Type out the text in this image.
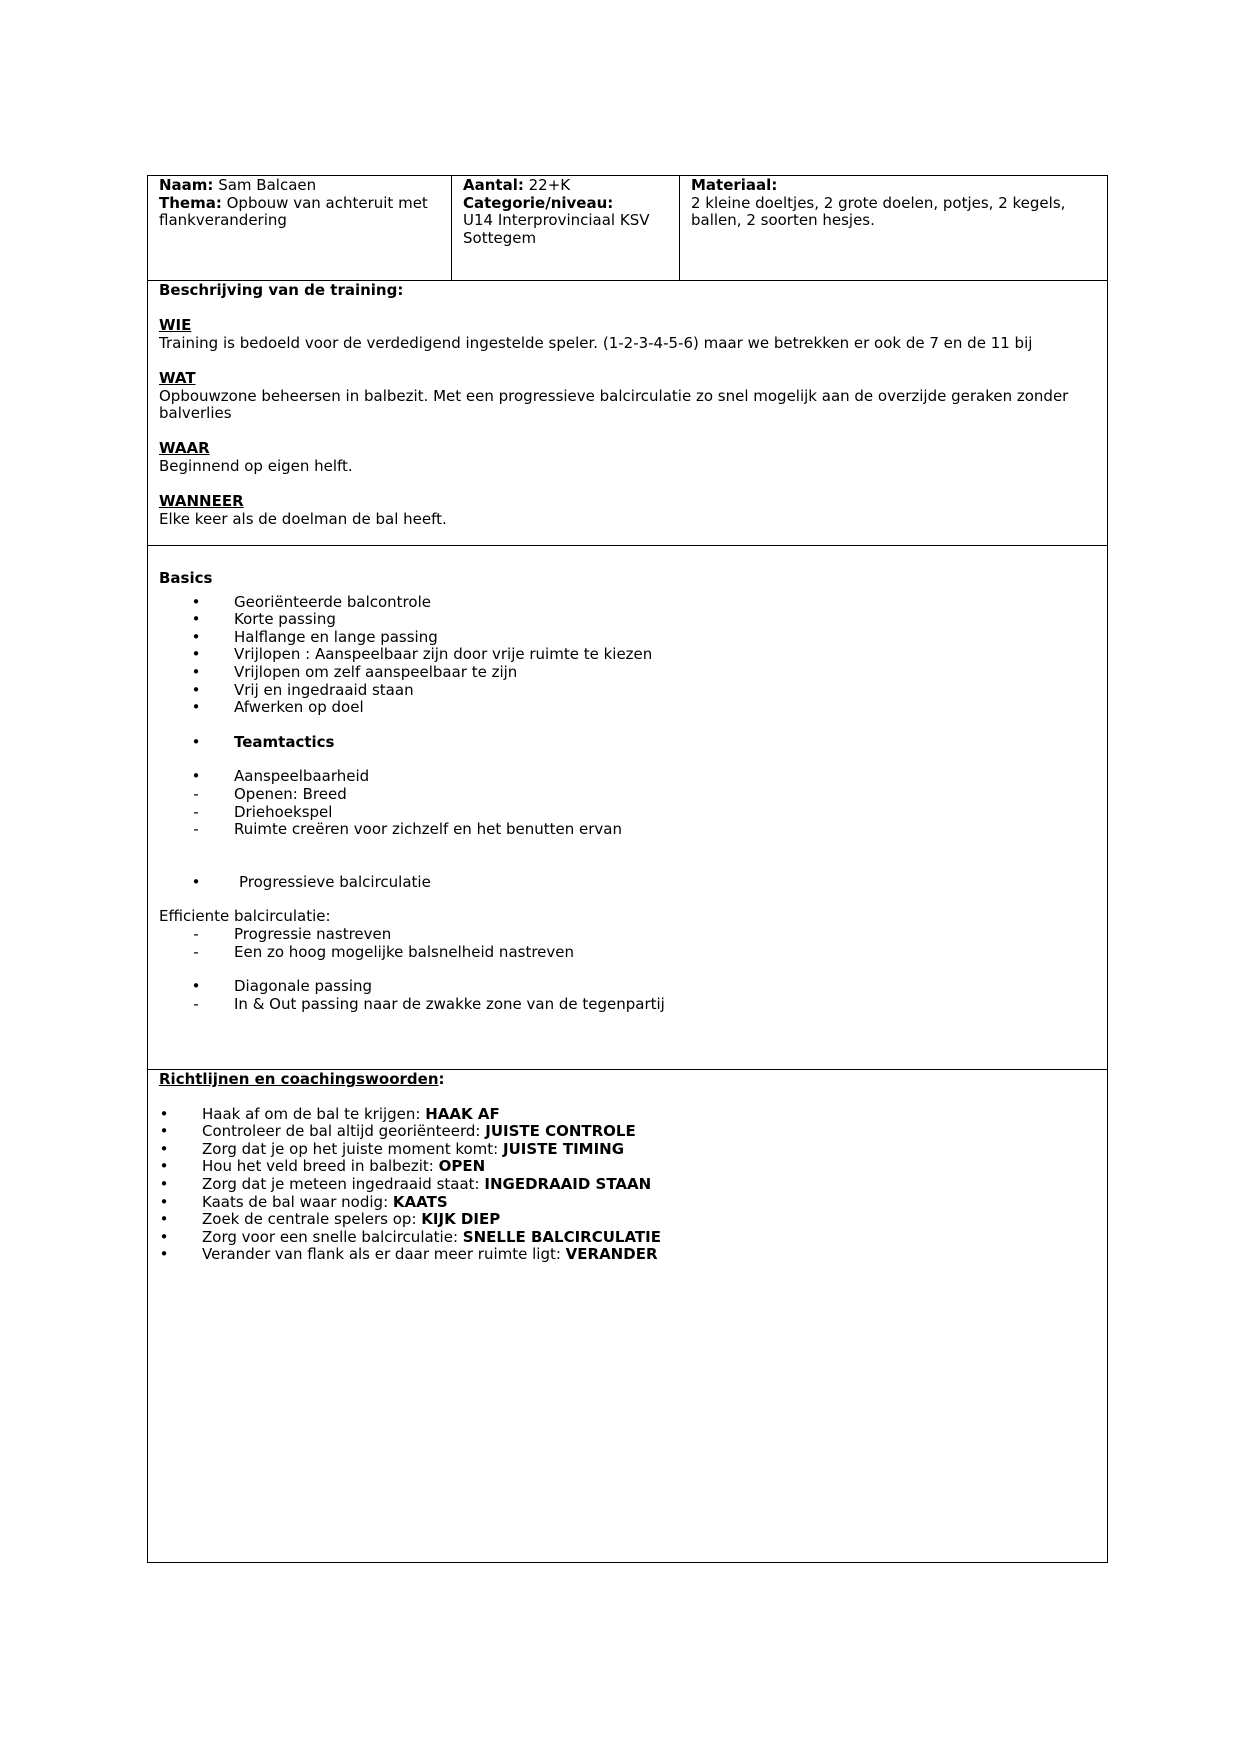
Naam: Sam Balcaen
Thema: Opbouw van achteruit met
flankverandering
Aantal: 22+K
Categorie/niveau:
U14 Interprovinciaal KSV
Sottegem
Materiaal:
2 kleine doeltjes, 2 grote doelen, potjes, 2 kegels,
ballen, 2 soorten hesjes.
Beschrijving van de training:
WIE
Training is bedoeld voor de verdedigend ingestelde speler. (1-2-3-4-5-6) maar we betrekken er ook de 7 en de 11 bij
WAT
Opbouwzone beheersen in balbezit. Met een progressieve balcirculatie zo snel mogelijk aan de overzijde geraken zonder
balverlies
WAAR
Beginnend op eigen helft.
WANNEER
Elke keer als de doelman de bal heeft.
Basics
• Georiënteerde balcontrole
• Korte passing
• Halflange en lange passing
• Vrijlopen : Aanspeelbaar zijn door vrije ruimte te kiezen
• Vrijlopen om zelf aanspeelbaar te zijn
• Vrij en ingedraaid staan
• Afwerken op doel
• Teamtactics
• Aanspeelbaarheid
- Openen: Breed
- Driehoekspel
- Ruimte creëren voor zichzelf en het benutten ervan
•	Progressieve balcirculatie
Efficiente balcirculatie:
- Progressie nastreven
- Een zo hoog mogelijke balsnelheid nastreven
• Diagonale passing
- In & Out passing naar de zwakke zone van de tegenpartij
Richtlijnen en coachingswoorden:
• Haak af om de bal te krijgen: HAAK AF
• Controleer de bal altijd georiënteerd: JUISTE CONTROLE
• Zorg dat je op het juiste moment komt: JUISTE TIMING
• Hou het veld breed in balbezit: OPEN
• Zorg dat je meteen ingedraaid staat: INGEDRAAID STAAN
• Kaats de bal waar nodig: KAATS
• Zoek de centrale spelers op: KIJK DIEP
• Zorg voor een snelle balcirculatie: SNELLE BALCIRCULATIE
• Verander van flank als er daar meer ruimte ligt: VERANDER
